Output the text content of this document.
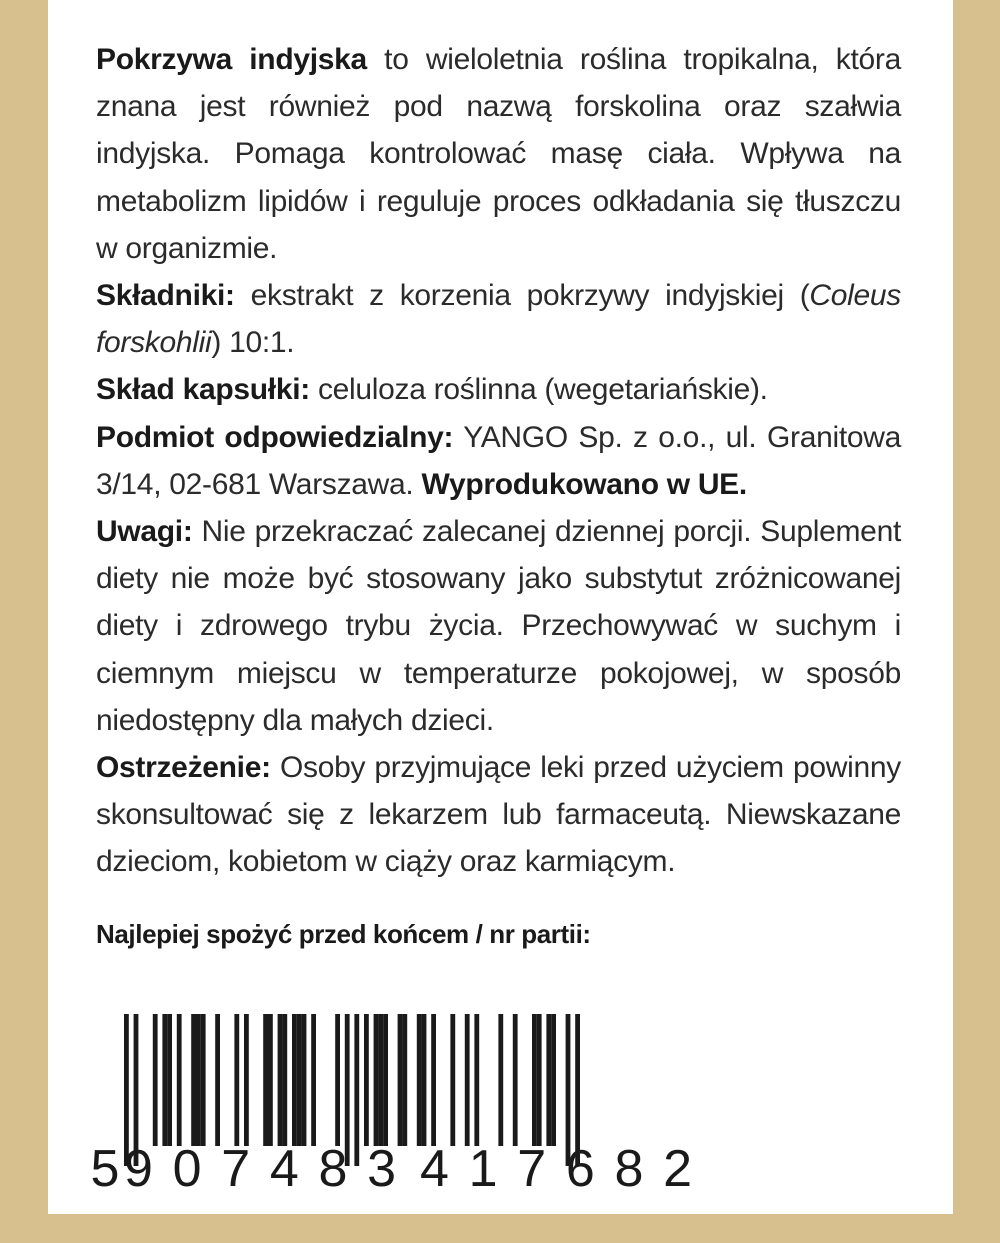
Pokrzywa indyjska to wieloletnia roślina tropikalna, która znana jest również pod nazwą forskolina oraz szałwia indyjska. Pomaga kontrolować masę ciała. Wpływa na metabolizm lipidów i reguluje proces odkładania się tłuszczu w organizmie.

Składniki: ekstrakt z korzenia pokrzywy indyjskiej (Coleus forskohlii) 10:1.

Skład kapsułki: celuloza roślinna (wegetariańskie).

Podmiot odpowiedzialny: YANGO Sp. z o.o., ul. Granitowa 3/14, 02-681 Warszawa. Wyprodukowano w UE.

Uwagi: Nie przekraczać zalecanej dziennej porcji. Suplement diety nie może być stosowany jako substytut zróżnicowanej diety i zdrowego trybu życia. Przechowywać w suchym i ciemnym miejscu w temperaturze pokojowej, w sposób niedostępny dla małych dzieci.

Ostrzeżenie: Osoby przyjmujące leki przed użyciem powinny skonsultować się z lekarzem lub farmaceutą. Niewskazane dzieciom, kobietom w ciąży oraz karmiącym.

Najlepiej spożyć przed końcem / nr partii:
5 907483 417682
